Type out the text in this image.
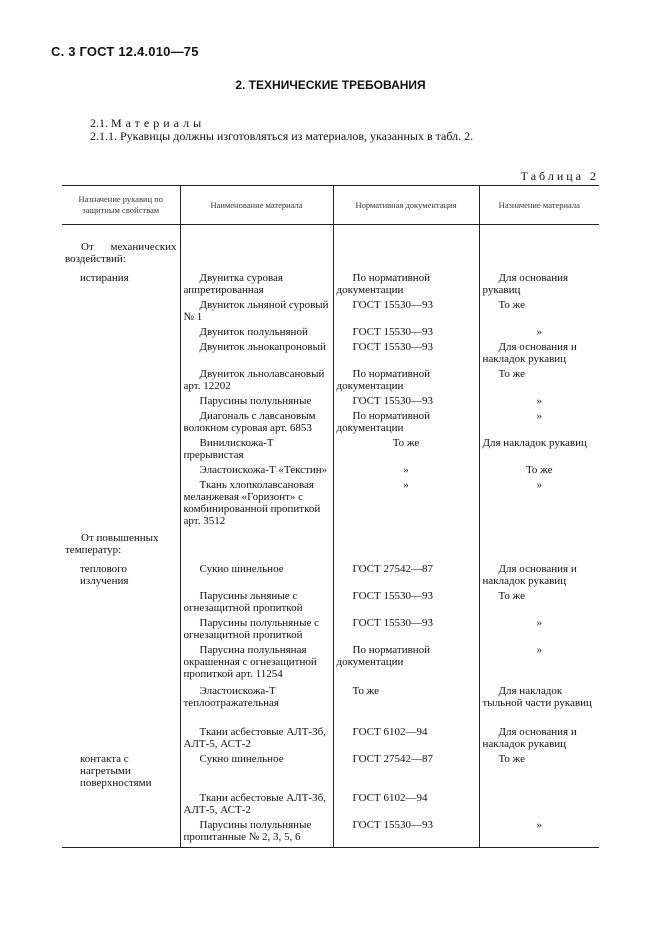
С. 3 ГОСТ 12.4.010—75
2. ТЕХНИЧЕСКИЕ ТРЕБОВАНИЯ
2.1. Материалы
2.1.1. Рукавицы должны изготовляться из материалов, указанных в табл. 2.
Таблица 2
Назначение рукавиц по защитным свойствам	Наименование материала	Нормативная документация	Назначение материала

От механических воздействий:			
истирания	Двунитка суровая аппретированная	По нормативной документации	Для основания рукавиц
	Двуниток льняной суровый № 1	ГОСТ 15530—93	То же
	Двуниток полульняной	ГОСТ 15530—93	»
	Двуниток льнокапроновый	ГОСТ 15530—93	Для основания и накладок рукавиц
	Двуниток льнолавсановый арт. 12202	По нормативной документации	То же
	Парусины полульняные	ГОСТ 15530—93	»
	Диагональ с лавсановым волокном суровая арт. 6853	По нормативной документации	»
	Винилискожа-Т прерывистая	То же	Для накладок рукавиц
	Эластоискожа-Т «Текстин»	»	То же
	Ткань хлопколавсановая меланжевая «Горизонт» с комбинированной пропиткой арт. 3512	»	»
От повышенных температур:			
теплового излучения	Сукно шинельное	ГОСТ 27542—87	Для основания и накладок рукавиц
	Парусины льняные с огнезащитной пропиткой	ГОСТ 15530—93	То же
	Парусины полульняные с огнезащитной пропиткой	ГОСТ 15530—93	»
	Парусина полульняная окрашенная с огнезащитной пропиткой арт. 11254	По нормативной документации	»
	Эластоискожа-Т теплоотражательная	То же	Для накладок тыльной части рукавиц
	Ткани асбестовые АЛТ-3б, АЛТ-5, АСТ-2	ГОСТ 6102—94	Для основания и накладок рукавиц
контакта с нагретыми поверхностями	Сукно шинельное	ГОСТ 27542—87	То же
	Ткани асбестовые АЛТ-3б, АЛТ-5, АСТ-2	ГОСТ 6102—94	
	Парусины полульняные пропитанные № 2, 3, 5, 6	ГОСТ 15530—93	»
